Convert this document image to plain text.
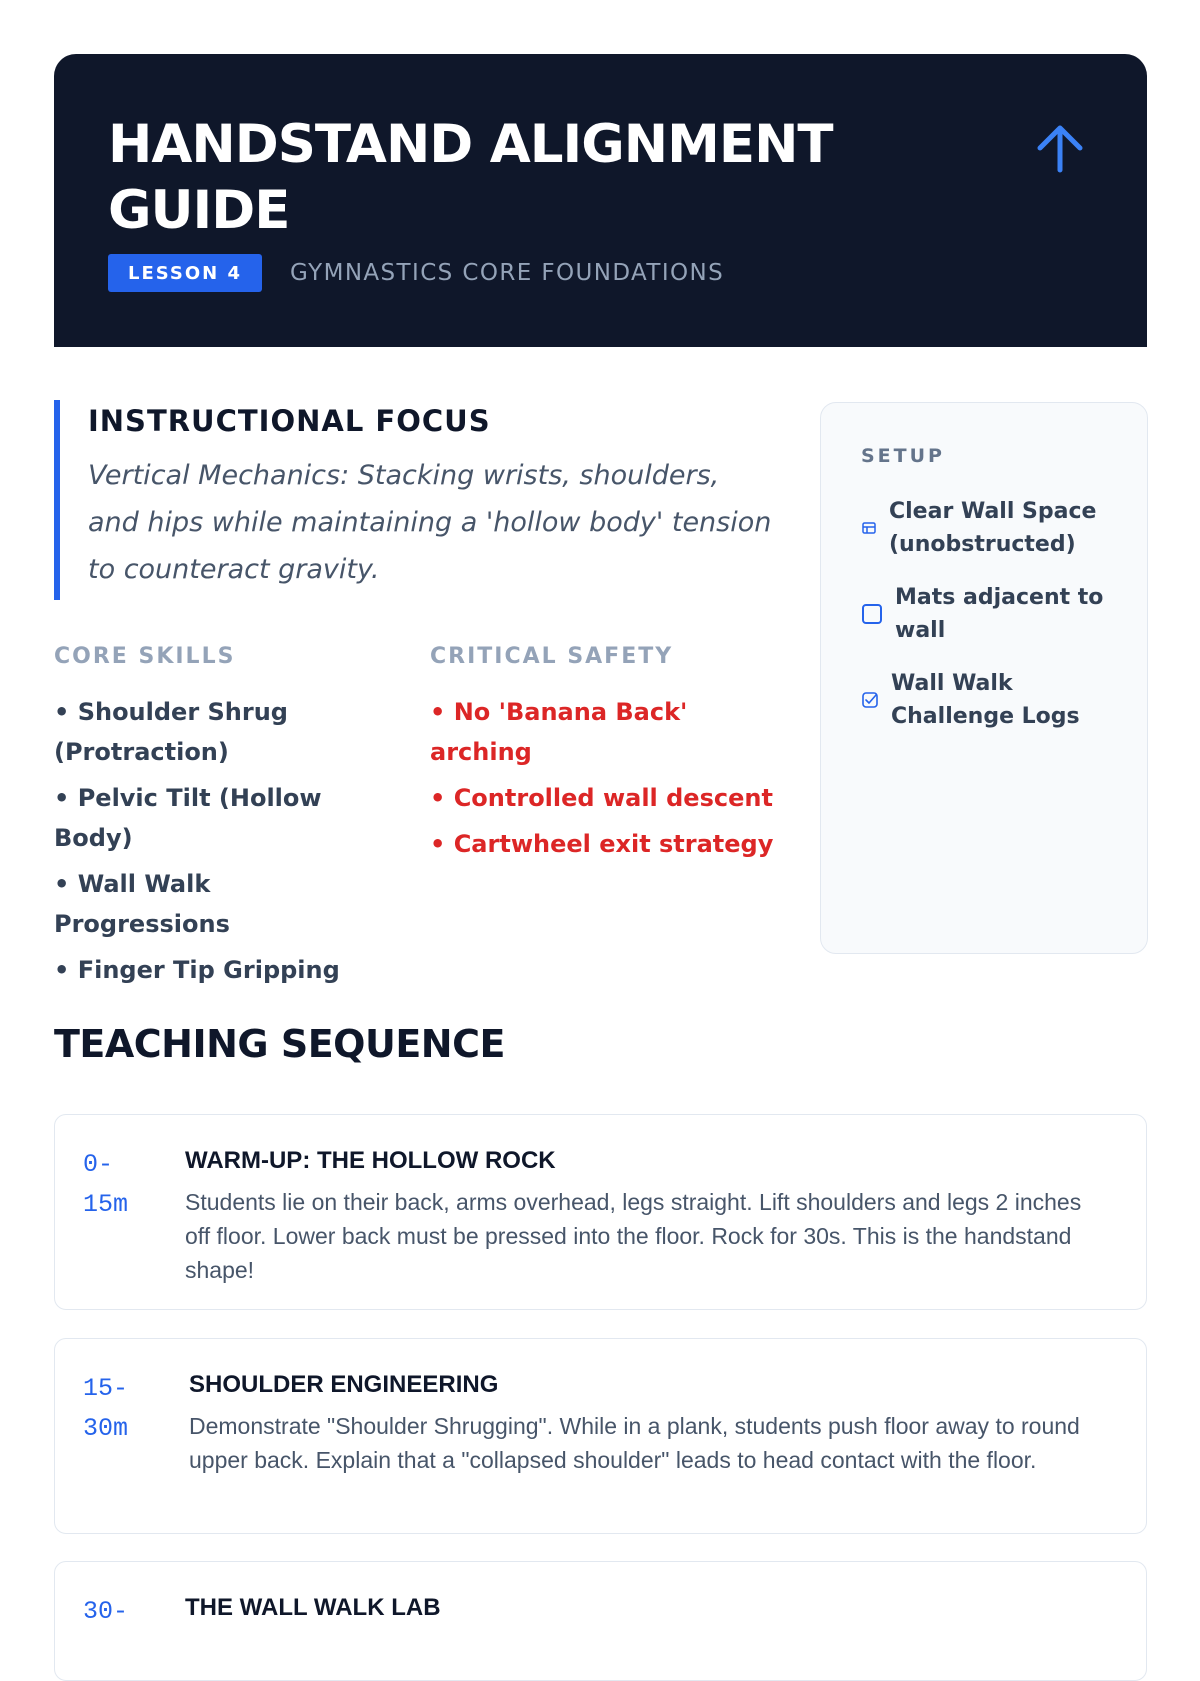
HANDSTAND ALIGNMENT GUIDE
LESSON 4	GYMNASTICS CORE FOUNDATIONS
INSTRUCTIONAL FOCUS

Vertical Mechanics: Stacking wrists, shoulders, and hips while maintaining a 'hollow body' tension to counteract gravity.

CORE SKILLS
• Shoulder Shrug (Protraction)
• Pelvic Tilt (Hollow Body)
• Wall Walk Progressions
• Finger Tip Gripping
CRITICAL SAFETY
• No 'Banana Back' arching
• Controlled wall descent
• Cartwheel exit strategy
SETUP
Clear Wall Space (unobstructed)
Mats adjacent to wall
Wall Walk Challenge Logs
TEACHING SEQUENCE
0-15m
WARM-UP: THE HOLLOW ROCK

Students lie on their back, arms overhead, legs straight. Lift shoulders and legs 2 inches off floor. Lower back must be pressed into the floor. Rock for 30s. This is the handstand shape!

15-30m
SHOULDER ENGINEERING

Demonstrate "Shoulder Shrugging". While in a plank, students push floor away to round upper back. Explain that a "collapsed shoulder" leads to head contact with the floor.

30-	THE WALL WALK LAB
